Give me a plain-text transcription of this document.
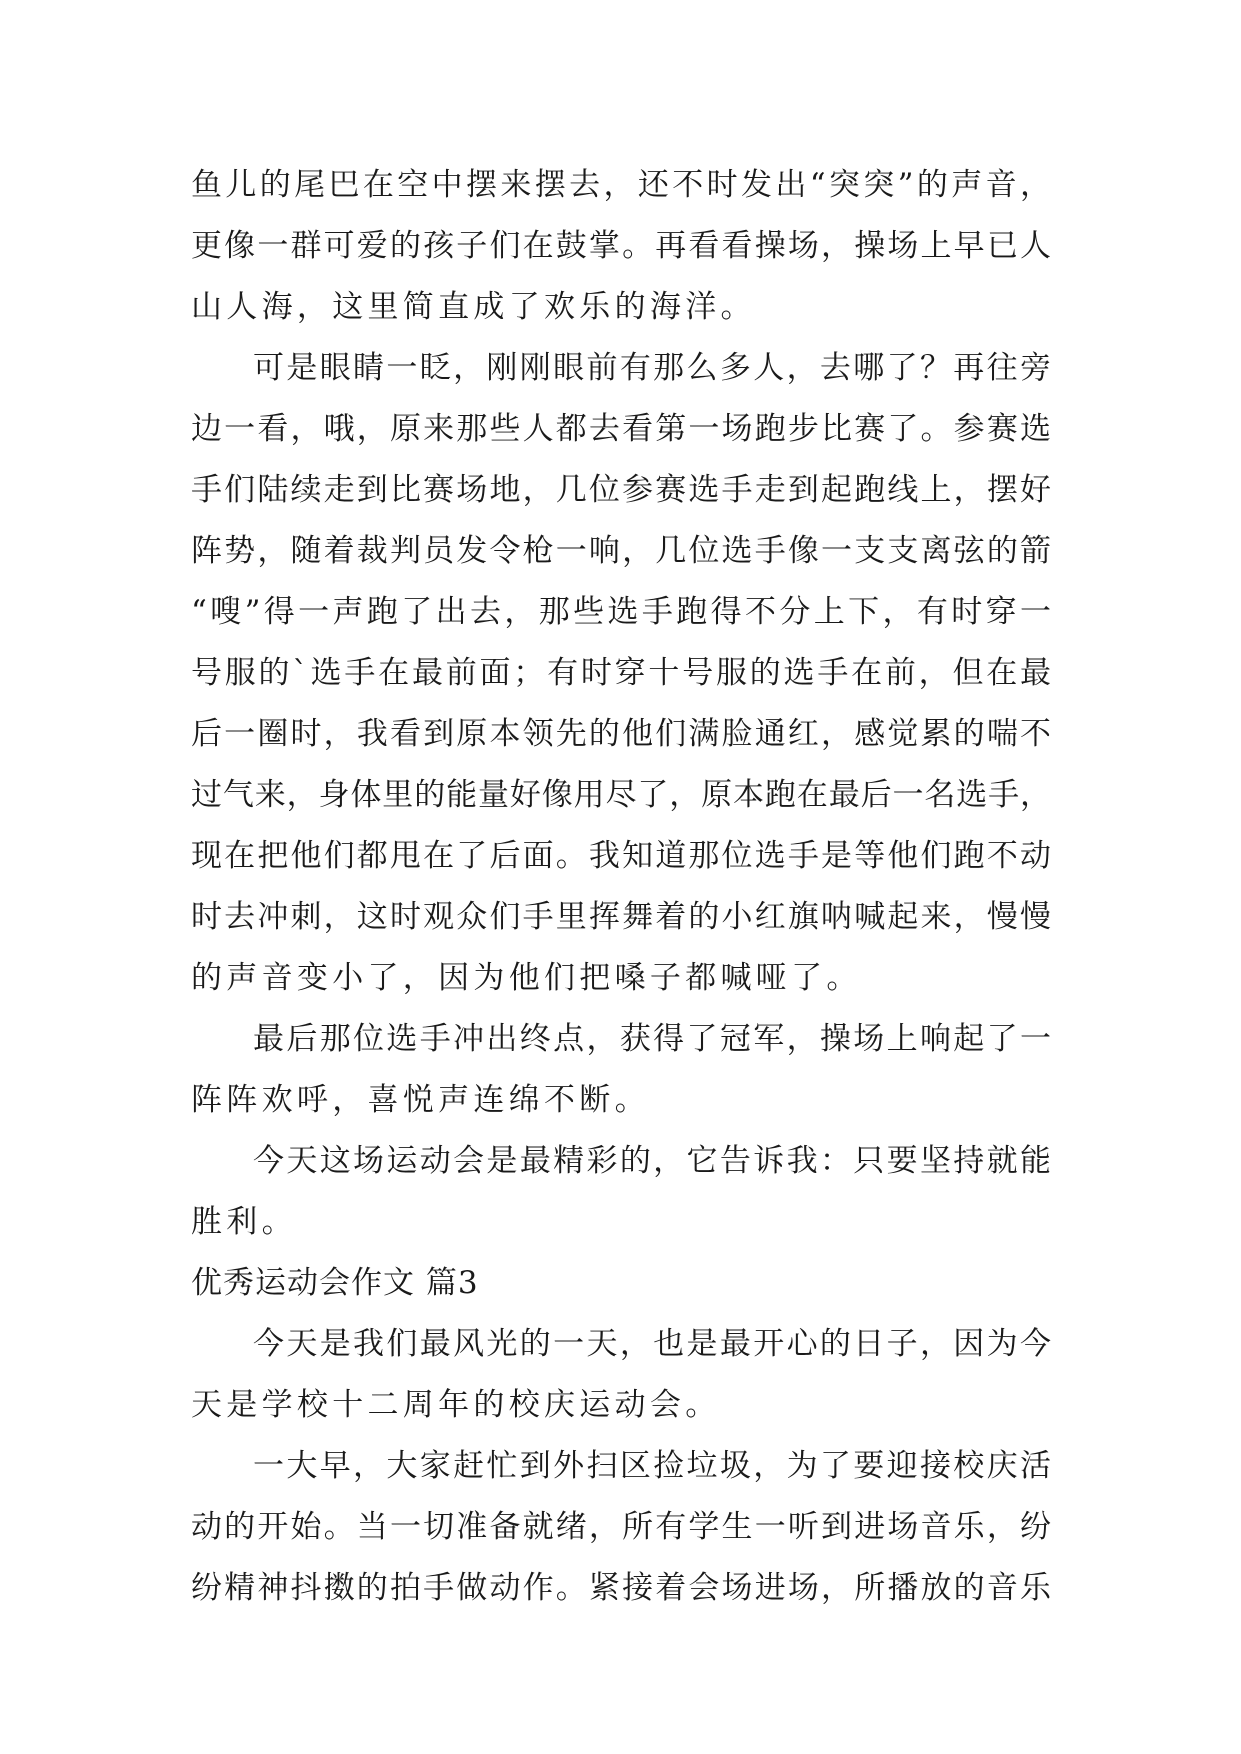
鱼儿的尾巴在空中摆来摆去，还不时发出“突突”的声音，
更像一群可爱的孩子们在鼓掌。再看看操场，操场上早已人
山人海，这里简直成了欢乐的海洋。
可是眼睛一眨，刚刚眼前有那么多人，去哪了？再往旁
边一看，哦，原来那些人都去看第一场跑步比赛了。参赛选
手们陆续走到比赛场地，几位参赛选手走到起跑线上，摆好
阵势，随着裁判员发令枪一响，几位选手像一支支离弦的箭
“嗖”得一声跑了出去，那些选手跑得不分上下，有时穿一
号服的`选手在最前面；有时穿十号服的选手在前，但在最
后一圈时，我看到原本领先的他们满脸通红，感觉累的喘不
过气来，身体里的能量好像用尽了，原本跑在最后一名选手，
现在把他们都甩在了后面。我知道那位选手是等他们跑不动
时去冲刺，这时观众们手里挥舞着的小红旗呐喊起来，慢慢
的声音变小了，因为他们把嗓子都喊哑了。
最后那位选手冲出终点，获得了冠军，操场上响起了一
阵阵欢呼，喜悦声连绵不断。
今天这场运动会是最精彩的，它告诉我：只要坚持就能
胜利。
优秀运动会作文 篇3
今天是我们最风光的一天，也是最开心的日子，因为今
天是学校十二周年的校庆运动会。
一大早，大家赶忙到外扫区捡垃圾，为了要迎接校庆活
动的开始。当一切准备就绪，所有学生一听到进场音乐，纷
纷精神抖擞的拍手做动作。紧接着会场进场，所播放的音乐
